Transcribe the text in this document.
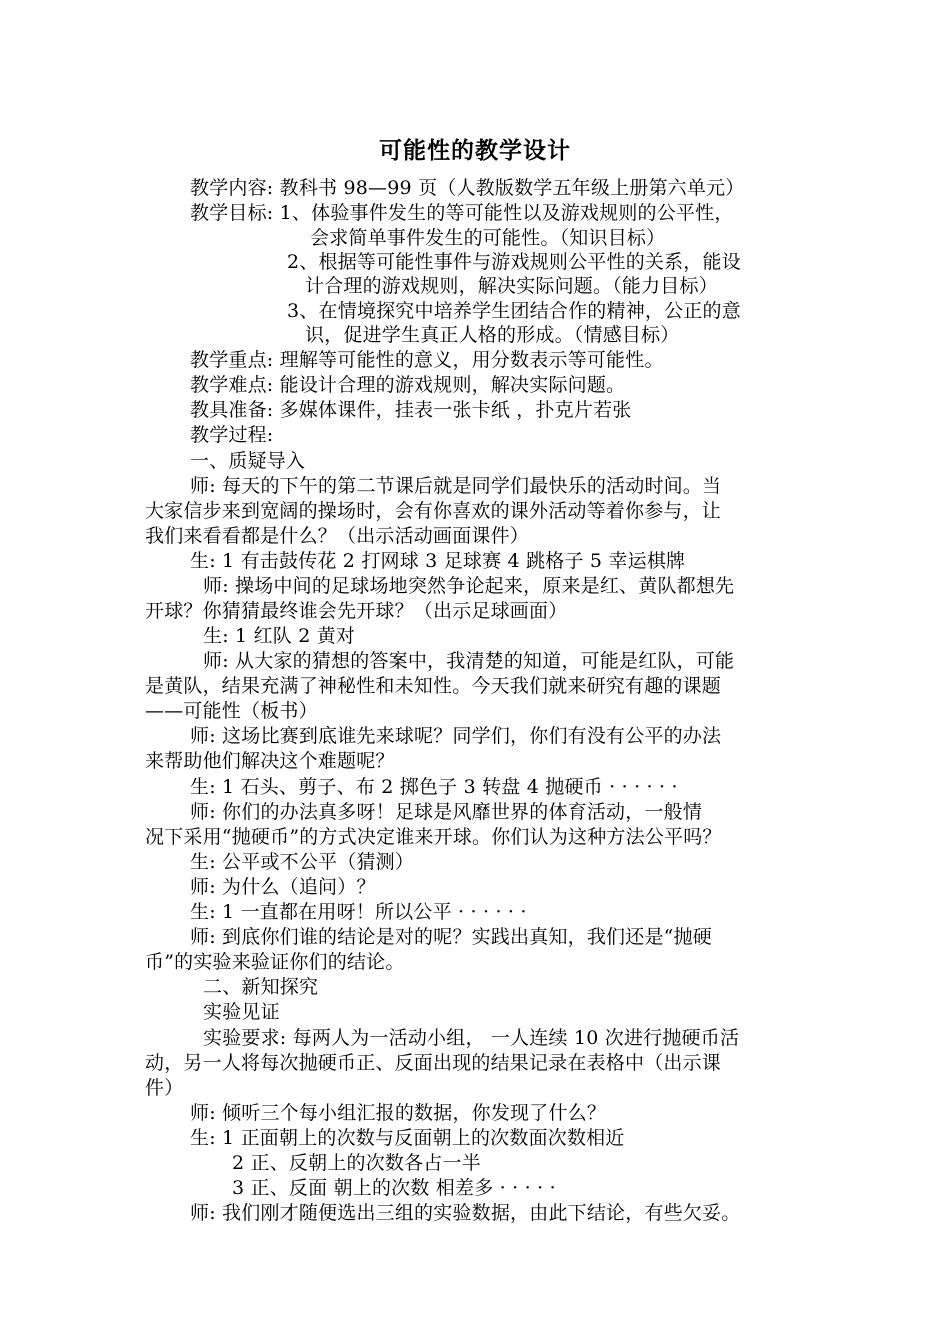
可能性的教学设计
教学内容: 教科书 98—99 页（人教版数学五年级上册第六单元）
教学目标: 1、体验事件发生的等可能性以及游戏规则的公平性，
会求简单事件发生的可能性。（知识目标）
2、根据等可能性事件与游戏规则公平性的关系，能设
计合理的游戏规则，解决实际问题。（能力目标）
3、在情境探究中培养学生团结合作的精神，公正的意
识，促进学生真正人格的形成。（情感目标）
教学重点: 理解等可能性的意义，用分数表示等可能性。
教学难点: 能设计合理的游戏规则，解决实际问题。
教具准备: 多媒体课件，挂表一张卡纸 ，扑克片若张
教学过程:
一、质疑导入
师: 每天的下午的第二节课后就是同学们最快乐的活动时间。当
大家信步来到宽阔的操场时，会有你喜欢的课外活动等着你参与，让
我们来看看都是什么？（出示活动画面课件）
生: 1 有击鼓传花 2 打网球 3 足球赛 4 跳格子 5 幸运棋牌
师: 操场中间的足球场地突然争论起来，原来是红、黄队都想先
开球？你猜猜最终谁会先开球？（出示足球画面）
生: 1 红队 2 黄对
师: 从大家的猜想的答案中，我清楚的知道，可能是红队，可能
是黄队，结果充满了神秘性和未知性。今天我们就来研究有趣的课题
——可能性（板书）
师: 这场比赛到底谁先来球呢？同学们，你们有没有公平的办法
来帮助他们解决这个难题呢？
生: 1 石头、剪子、布 2 掷色子 3 转盘 4 抛硬币 · · · · · ·
师: 你们的办法真多呀！足球是风靡世界的体育活动，一般情
况下采用“抛硬币”的方式决定谁来开球。你们认为这种方法公平吗？
生: 公平或不公平（猜测）
师: 为什么（追问）？
生: 1 一直都在用呀！所以公平 · · · · · ·
师: 到底你们谁的结论是对的呢？实践出真知，我们还是“抛硬
币”的实验来验证你们的结论。
二、新知探究
实验见证
实验要求: 每两人为一活动小组， 一人连续 10 次进行抛硬币活
动，另一人将每次抛硬币正、反面出现的结果记录在表格中（出示课
件）
师: 倾听三个每小组汇报的数据，你发现了什么？
生: 1 正面朝上的次数与反面朝上的次数面次数相近
2 正、反朝上的次数各占一半
3 正、反面 朝上的次数 相差多 · · · · ·
师: 我们刚才随便选出三组的实验数据，由此下结论，有些欠妥。
